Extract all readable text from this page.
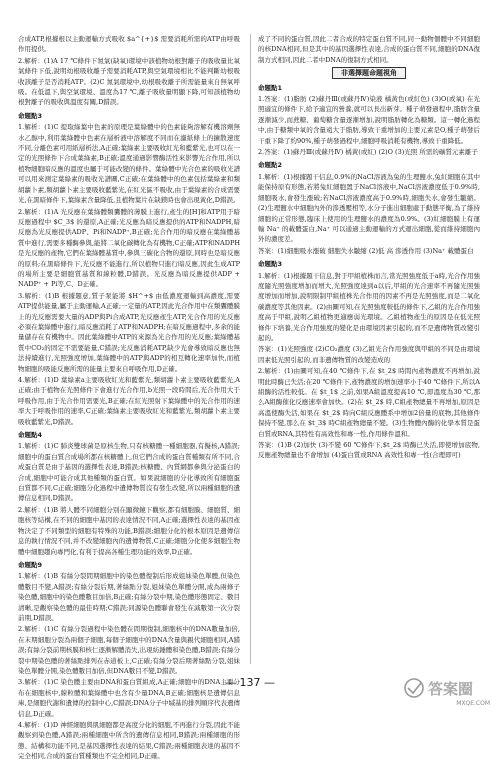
合成ATP,根據根以主動運輸方式吸收 $a^{+}$ 需要消耗所需的ATP由呼吸作用提供。

2.解析：(1)A 17 ℃條件下氮氣(缺氧)環境中該植物幼根對離子的吸收量比氧氣條件下低,說明幼根吸收離子需要消耗ATP,與空氣環境相比不能判斷幼根吸收該離子是否消耗ATP。(2)C 氮氣環境中,幼根吸收離子所需能量來自無氧呼吸。在低溫下,與空氣環境、溫度為17 ℃,離子吸收量明顯下降,可知該植物幼根對離子的吸收與溫度有關,D錯誤。

命題點3

1.解析：(1)C 提取綠葉中色素的原理是葉綠體中的色素能夠溶解有機溶劑無水乙醇中,利用葉綠體中色素在層析液中溶解度不同而在濾紙條上的擴散速度不同,分離色素可用紙層析法,A正確;葉綠素主要吸收紅光和藍紫光,也可以在一定的光照條件下合成葉綠素,B正確;溫度通過影響酶活性來影響光合作用,所以植物細胞暗反應的溫度也屬于可能改變的條件。葉綠體中光合色素的吸收光譜可以用來測定葉綠素的吸收光譜圖,C正確;在葉綠體中的色素包括葉綠素和類胡蘿卜素,類胡蘿卜素主要吸收藍紫光,在紅光區不吸收,由于葉綠素的合成需要光,在黑暗條件下,葉綠素含量降低,且植物葉片在缺鎂時也會出現黃化,D錯誤。

2.解析：(1)A 光反應在葉綠體類囊體的薄膜上進行,產生的[H]和ATP用于暗反應過程中 $C_3$ 的還原,A正確;光反應為暗反應提供的ATP和NADPH,暗反應為光反應提供ADP、Pi和NADP⁺,B正確;光合作用的暗反應在葉綠體基質中進行,需要多種酶參與,能將二氧化碳轉化為有機物,C正確;ATP和NADPH是光反應的產物,它們在葉綠體基質中,參與三碳化合物的還原,同時也是暗反應的原料;在黑暗條件下,光反應不能進行,所以植物只進行暗反應,因此生成ATP的場所主要是細胞質基質和線粒體,D錯誤。光反應為暗反應提供ADP + NADP⁺ + Pi等,C、D正確。

3.解析：(1)B 根據題意,質子泵能將 $H^+$ 由低濃度運輸到高濃度,需要ATP提供能量,屬于主動運輸,A正確;一定量的ATP,因此光合作用中在類囊體膜上的光反應需要大量的ADP與Pi合成ATP,光反應產生ATP,光合作用的光反應必須在葉綠體中進行,暗反應消耗了ATP和NADPH;在暗反應過程中,多余的能量儲存在有機物中。因此葉綠體中ATP的來源為光合作用的光反應;葉綠體基質中CO₂的固定不需要能量,C錯誤;光反應消耗ATP,缺少光會導致暗反應也無法持續進行,光照強度增加,葉綠體中的ATP與ADP的相互轉化速率加快,而植物細胞的吸能反應所需的能量主要來自呼吸作用,D正確。

4.解析：(1)D 葉綠素a主要吸收紅光和藍紫光,類胡蘿卜素主要吸收藍紫光,A正確;由于植物在光照條件下會進行光合作用,b光照一段時間后,光合作用大于呼吸作用,由于光合作用需要光,B正確;在紅光照射下葉綠體中的光合作用的速率大于呼吸作用的速率,C正確;葉綠素主要吸收紅光和藍紫光,類胡蘿卜素主要吸收藍紫光,D錯誤。

命題點4

1.解析：(1)C 肺炎雙球菌是原核生物,只有核糖體一種細胞器,有擬核,A錯誤;細胞中的蛋白質合成場所都在核糖體上,但它們合成的蛋白質種類有所不同,合成蛋白質是由于基因的選擇性表達,B錯誤;核糖體、內質網都參與分泌蛋白的合成,細胞中可能合成其他種類的蛋白質。如果說細胞的分化導致所有細胞蛋白質都不同,C正確;細胞分化過程中遺傳物質沒有發生改變,所以兩種細胞的遺傳信息相同,D錯誤。

2.解析：(1)B 將人體不同細胞分別在顯微鏡下觀察,都有細胞膜、細胞質、細胞核等結構,在不同的細胞中基因的表達情況不同,A正確;選擇性表達的基因產物決定了不同類型的細胞有特殊的功能,B錯誤;細胞分化的根本原因是遺傳信息的執行情況不同,并不改變細胞內的遺傳物質,C正確;細胞分化使多細胞生物體中細胞趨向專門化,有利于提高各種生理功能的效率,D正確。

命題點9

1.解析：(1)B 有絲分裂間期細胞中的染色體復制后形成姐妹染色單體,但染色體數目不變,A錯誤;有絲分裂后期,著絲點分裂,姐妹染色單體分開,成為兩條子染色體,細胞中的染色體數目加倍,B正確;有絲分裂中期,染色體形態固定、數目清晰,是觀察染色體的最佳時期;C錯誤;同源染色體聯會發生在減數第一次分裂前期,D錯誤。

2.解析：(1)C 有絲分裂過程中染色體在間期復制,細胞核中的DNA數量加倍,在末期細胞分裂為兩個子細胞,每個子細胞中的DNA含量與親代細胞相同,A錯誤;有絲分裂前期核膜和核仁逐漸解體消失,出現紡錘體和染色體,B錯誤;有絲分裂中期染色體的著絲點排列在赤道板上,C正確;有絲分裂后期著絲點分裂,姐妹染色單體分開,染色體數目加倍,但DNA數目不變,D錯誤。

3.解析：(1)C 染色體主要由DNA和蛋白質組成,A正確;細胞中的DNA主要分布在細胞核中,線粒體和葉綠體中也含有少量DNA,B正確;細胞核是遺傳信息庫,是細胞代謝和遺傳的控制中心,C錯誤;DNA分子中堿基的排列順序代表遺傳信息,D正確。

4.解析：(1)D 神經細胞與肌細胞都是高度分化的細胞,不再進行分裂,因此不能觀察到染色體,A錯誤;兩種細胞中所含的遺傳信息相同,B錯誤;兩種細胞的形態、結構和功能不同,是基因選擇性表達的結果,C錯誤;兩種細胞表達的基因不完全相同,合成的蛋白質種類也不完全相同,D正確。

成了不同的蛋白質,因此二者合成的特定蛋白質不同,同一動物個體中不同細胞的核DNA相同,但是其中的基因選擇性表達,合成的蛋白質不同,細胞的DNA復制方式相同,因此二者中DNA的復制方式相同。

非選擇題命題視角
命題點1

1.答案：(1)脂肪 (2)蘇丹Ⅲ(或蘇丹Ⅳ)染液 橘黃色(或紅色) (3)O(或氧) 在光照適宜的條件下,給予適宜的營養,就可以長出新芽。種子萌發過程中,脂肪含量逐漸減少,而蔗糖、葡萄糖含量逐漸增加,說明脂肪轉化為糖類。這一轉化過程中,由于糖類中氧的含量遠大于脂肪,導致干重增加的主要元素是O,種子萌發后干重下降了約90%,種子萌發過程中,細胞呼吸消耗有機物,導致干重降低。

2.答案：(1)蘇丹Ⅲ(或蘇丹Ⅳ) 橘黃(或紅) (2)O (3)光照 所需的礦質元素離子

命題點2

1.解析：(1)根據題干信息,0.9%的NaCl溶液為兔的生理鹽水,兔紅細胞在其中能保持原有形態,若將兔紅細胞置于NaCl溶液中,NaCl溶液濃度低于0.9%時,細胞吸水,會發生漲破;若NaCl溶液濃度高于0.9%時,細胞失水,會發生皺縮。(2)生理鹽水中細胞內外的滲透壓相等,水分子進出細胞處于動態平衡,為了維持細胞的正常形態,臨床上使用的生理鹽水的濃度為0.9%。(3)紅細胞膜上有運輸 Na⁺ 的載體蛋白,Na⁺ 可以通過主動運輸的方式運出細胞,從而維持細胞內外的濃度差。

答案：(1)細胞吸水漲破 細胞失水皺縮 (2)低 高 滲透作用 (3)Na⁺ 載體蛋白

命題點3

1.解析：(1)根據題干信息,對于甲組植株而言,當光照強度低于a時,光合作用強度隨光照強度增加而增大,光照強度達到a以后,甲組的光合速率不再隨光照強度增加而增加,說明限制甲組植株光合作用的因素不再是光照強度,而是二氧化碳濃度等其他因素。(2)由圖可知,在光照強度較低的條件下,乙組的光合作用強度高于甲組,說明乙組植物更適應弱光環境。乙組植物產生的原因是在低光照條件下培養,光合作用強度的變化是由環境因素引起的,而不是遺傳物質改變引起的。

答案：(1)光照強度 (2)CO₂濃度 (3)乙組光合作用強度與甲組的不同是由環境因素低光照引起的,而非遺傳物質的改變造成的

2.解析：(1)由圖可知,在40 ℃條件下,在 $t_2$ 時間內產物濃度不再增加,說明此時酶已失活;在20 ℃條件下,產物濃度的增加速率小于40 ℃條件下,所以A組酶的活性較低。在 $t_1$ 之前,如果A組溫度提高10 ℃,即溫度為30 ℃,那么A組酶催化反應速率會加快。(2)在 $t_2$ 時,C組產物總量不再增加,原因是高溫使酶失活,如果在 $t_2$ 時向C組反應體系中增加2倍量的底物,其他條件保持不變,那么在 $t_3$ 時C組產物總量不變。(3)生物體內酶的化學本質是蛋白質或RNA,其特性有高效性和專一性,作用條件溫和。

答案：(1)B (2)加快 (3)不變 60 ℃條件下,$t_2$ 時酶已失活,即使增加底物,反應產物總量也不會增加 (4)蛋白質或RNA 高效性和專一性(合理即可)

— 137 —	答案圈
MXQE.COM
